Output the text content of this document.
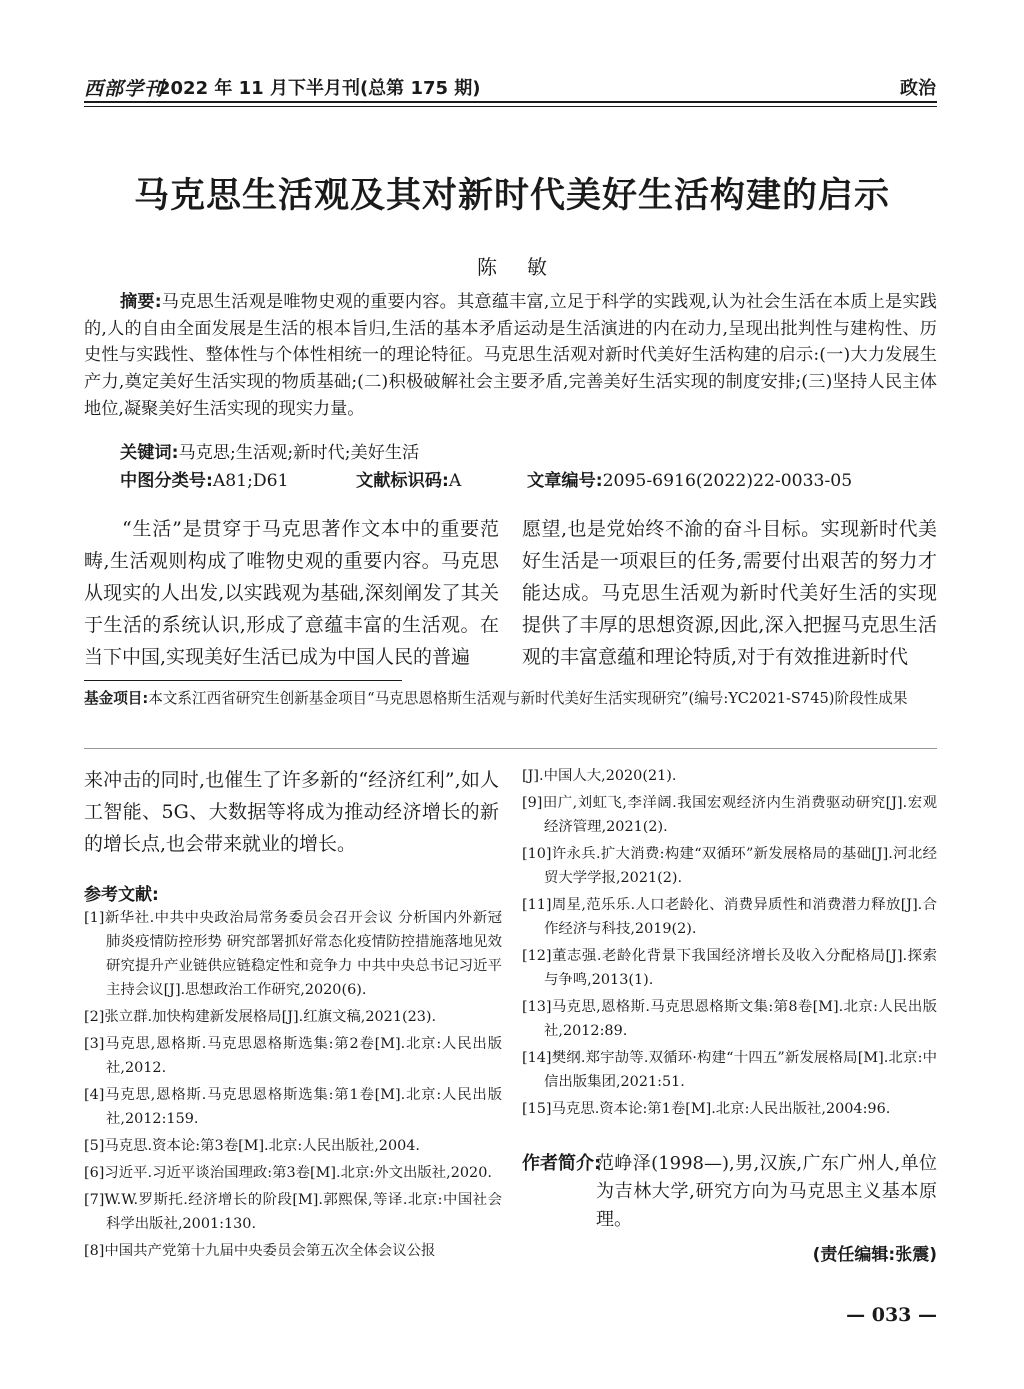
西部学刊
2022 年 11 月下半月刊(总第 175 期)	政治
马克思生活观及其对新时代美好生活构建的启示
陈敏

摘要:马克思生活观是唯物史观的重要内容。其意蕴丰富,立足于科学的实践观,认为社会生活在本质上是实践的,人的自由全面发展是生活的根本旨归,生活的基本矛盾运动是生活演进的内在动力,呈现出批判性与建构性、历史性与实践性、整体性与个体性相统一的理论特征。马克思生活观对新时代美好生活构建的启示:(一)大力发展生产力,奠定美好生活实现的物质基础;(二)积极破解社会主要矛盾,完善美好生活实现的制度安排;(三)坚持人民主体地位,凝聚美好生活实现的现实力量。

关键词:马克思;生活观;新时代;美好生活
中图分类号:A81;D61	文献标识码:A	文章编号:2095-6916(2022)22-0033-05

“生活”是贯穿于马克思著作文本中的重要范畴,生活观则构成了唯物史观的重要内容。马克思从现实的人出发,以实践观为基础,深刻阐发了其关于生活的系统认识,形成了意蕴丰富的生活观。在当下中国,实现美好生活已成为中国人民的普遍

愿望,也是党始终不渝的奋斗目标。实现新时代美好生活是一项艰巨的任务,需要付出艰苦的努力才能达成。马克思生活观为新时代美好生活的实现提供了丰厚的思想资源,因此,深入把握马克思生活观的丰富意蕴和理论特质,对于有效推进新时代

基金项目:本文系江西省研究生创新基金项目“马克思恩格斯生活观与新时代美好生活实现研究”(编号:YC2021-S745)阶段性成果

来冲击的同时,也催生了许多新的“经济红利”,如人工智能、5G、大数据等将成为推动经济增长的新的增长点,也会带来就业的增长。

参考文献:
[1]新华社.中共中央政治局常务委员会召开会议 分析国内外新冠肺炎疫情防控形势 研究部署抓好常态化疫情防控措施落地见效 研究提升产业链供应链稳定性和竞争力 中共中央总书记习近平主持会议[J].思想政治工作研究,2020(6).
[2]张立群.加快构建新发展格局[J].红旗文稿,2021(23).
[3]马克思,恩格斯.马克思恩格斯选集:第2卷[M].北京:人民出版社,2012.
[4]马克思,恩格斯.马克思恩格斯选集:第1卷[M].北京:人民出版社,2012:159.
[5]马克思.资本论:第3卷[M].北京:人民出版社,2004.
[6]习近平.习近平谈治国理政:第3卷[M].北京:外文出版社,2020.
[7]W.W.罗斯托.经济增长的阶段[M].郭熙保,等译.北京:中国社会科学出版社,2001:130.
[8]中国共产党第十九届中央委员会第五次全体会议公报
[J].中国人大,2020(21).
[9]田广,刘虹飞,李洋阔.我国宏观经济内生消费驱动研究[J].宏观经济管理,2021(2).
[10]许永兵.扩大消费:构建“双循环”新发展格局的基础[J].河北经贸大学学报,2021(2).
[11]周星,范乐乐.人口老龄化、消费异质性和消费潜力释放[J].合作经济与科技,2019(2).
[12]董志强.老龄化背景下我国经济增长及收入分配格局[J].探索与争鸣,2013(1).
[13]马克思,恩格斯.马克思恩格斯文集:第8卷[M].北京:人民出版社,2012:89.
[14]樊纲.郑宇劼等.双循环·构建“十四五”新发展格局[M].北京:中信出版集团,2021:51.
[15]马克思.资本论:第1卷[M].北京:人民出版社,2004:96.
作者简介:
范峥泽(1998—),男,汉族,广东广州人,单位为吉林大学,研究方向为马克思主义基本原理。
(责任编辑:张震)
— 033 —
